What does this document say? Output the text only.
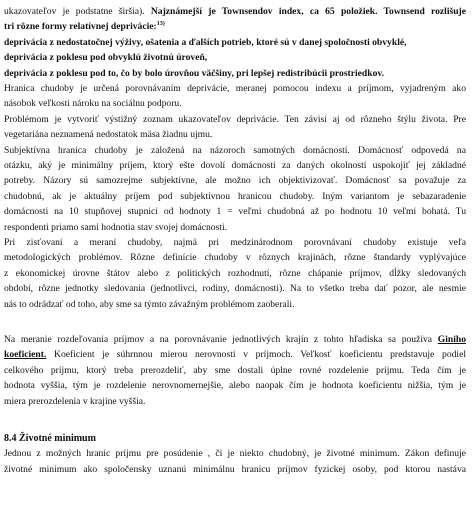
ukazovateľov je podstatne širšia). Najznámejší je Townsendov index, ca 65 položiek. Townsend rozlišuje
tri rôzne formy relatívnej deprivácie:$^{13)}$
deprivácia z nedostatočnej výživy, ošatenia a ďalších potrieb, ktoré sú v danej spoločnosti obvyklé,
deprivácia z poklesu pod obvyklú životnú úroveň,
deprivácia z poklesu pod to, čo by bolo úrovňou väčšiny, pri lepšej redistribúcii prostriedkov.
Hranica chudoby je určená porovnávaním deprivácie, meranej pomocou indexu a príjmom, vyjadreným ako
násobok veľkosti nároku na sociálnu podporu.
Problémom je vytvoriť výstižný zoznam ukazovateľov deprivácie. Ten závisí aj od rôzneho štýlu života. Pre
vegetariána neznamená nedostatok mäsa žiadnu ujmu.
Subjektívna hranica chudoby je založená na názoroch samotných domácností. Domácnosť odpovedá na
otázku, aký je minimálny príjem, ktorý ešte dovolí domácnosti za daných okolností uspokojiť jej základné
potreby. Názory sú samozrejme subjektívne, ale možno ich objektivizovať. Domácnosť sa považuje za
chudobnú, ak je aktuálny príjem pod subjektívnou hranicou chudoby. Iným variantom je sebazaradenie
domácnosti na 10 stupňovej stupnici od hodnoty 1 = veľmi chudobná až po hodnotu 10 veľmi bohatá. Tu
respondenti priamo sami hodnotia stav svojej domácnosti.
Pri zisťovaní a meraní chudoby, najmä pri medzinárodnom porovnávaní chudoby existuje veľa
metodologických problémov. Rôzne definície chudoby v rôznych krajinách, rôzne štandardy vyplývajúce
z ekonomickej úrovne štátov alebo z politických rozhodnutí, rôzne chápanie príjmov, dĺžky sledovaných
období, rôzne jednotky sledovania (jednotlivci, rodiny, domácnosti). Na to všetko treba dať pozor, ale nesmie
nás to odrádzať od toho, aby sme sa týmto závažným problémom zaoberali.
Na meranie rozdeľovania príjmov a na porovnávanie jednotlivých krajín z tohto hľadiska sa používa Giniho
koeficient. Koeficient je súhrnnou mierou nerovnosti v príjmoch. Veľkosť koeficientu predstavuje podiel
celkového príjmu, ktorý treba prerozdeliť, aby sme dostali úplne rovné rozdelenie príjmu. Teda čím je
hodnota vyššia, tým je rozdelenie nerovnomernejšie, alebo naopak čím je hodnota koeficientu nižšia, tým je
miera prerozdelenia v krajine vyššia.
8.4 Životné minimum
Jednou z možných hraníc príjmu pre posúdenie , či je niekto chudobný, je životné minimum. Zákon definuje
životné minimum ako spoločensky uznanú minimálnu hranicu príjmov fyzickej osoby, pod ktorou nastáva
